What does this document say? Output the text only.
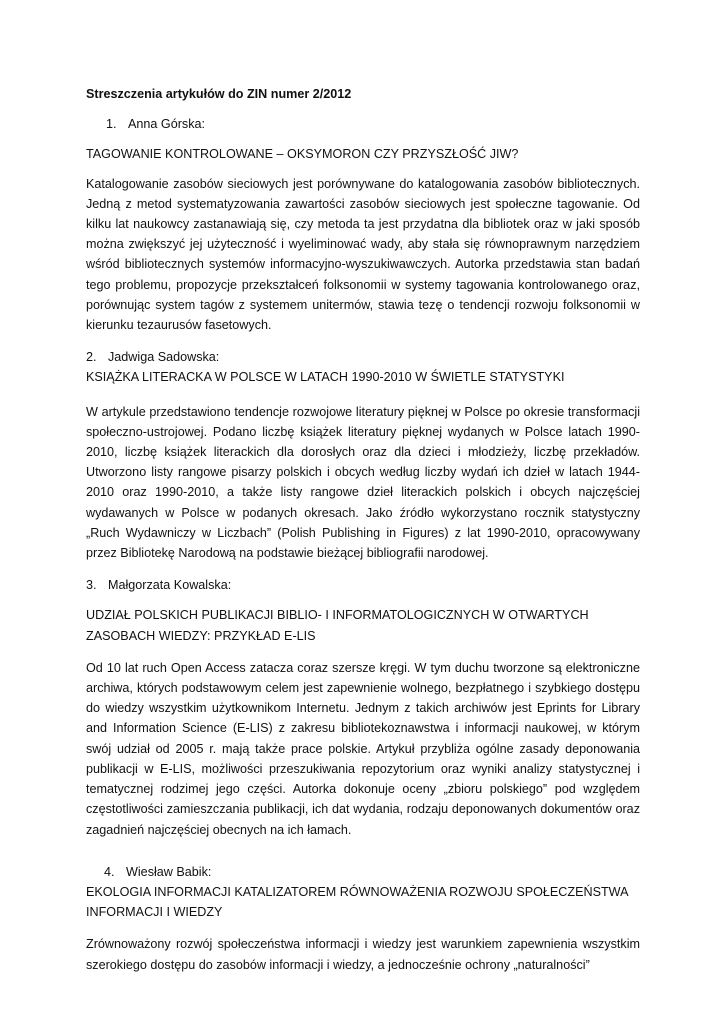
Streszczenia artykułów do ZIN numer 2/2012
1. Anna Górska:
TAGOWANIE KONTROLOWANE – OKSYMORON CZY PRZYSZŁOŚĆ JIW?
Katalogowanie zasobów sieciowych jest porównywane do katalogowania zasobów bibliotecznych. Jedną z metod systematyzowania zawartości zasobów sieciowych jest społeczne tagowanie. Od kilku lat naukowcy zastanawiają się, czy metoda ta jest przydatna dla bibliotek oraz w jaki sposób można zwiększyć jej użyteczność i wyeliminować wady, aby stała się równoprawnym narzędziem wśród bibliotecznych systemów informacyjno-wyszukiwawczych. Autorka przedstawia stan badań tego problemu, propozycje przekształceń folksonomii w systemy tagowania kontrolowanego oraz, porównując system tagów z systemem unitermów, stawia tezę o tendencji rozwoju folksonomii w kierunku tezaurusów fasetowych.
2. Jadwiga Sadowska:
KSIĄŻKA LITERACKA W POLSCE W LATACH 1990-2010 W ŚWIETLE STATYSTYKI
W artykule przedstawiono tendencje rozwojowe literatury pięknej w Polsce po okresie transformacji społeczno-ustrojowej. Podano liczbę książek literatury pięknej wydanych w Polsce latach 1990-2010, liczbę książek literackich dla dorosłych oraz dla dzieci i młodzieży, liczbę przekładów. Utworzono listy rangowe pisarzy polskich i obcych według liczby wydań ich dzieł w latach 1944-2010 oraz 1990-2010, a także listy rangowe dzieł literackich polskich i obcych najczęściej wydawanych w Polsce w podanych okresach. Jako źródło wykorzystano rocznik statystyczny „Ruch Wydawniczy w Liczbach” (Polish Publishing in Figures) z lat 1990-2010, opracowywany przez Bibliotekę Narodową na podstawie bieżącej bibliografii narodowej.
3. Małgorzata Kowalska:
UDZIAŁ POLSKICH PUBLIKACJI BIBLIO- I INFORMATOLOGICZNYCH W OTWARTYCH ZASOBACH WIEDZY: PRZYKŁAD E-LIS
Od 10 lat ruch Open Access zatacza coraz szersze kręgi. W tym duchu tworzone są elektroniczne archiwa, których podstawowym celem jest zapewnienie wolnego, bezpłatnego i szybkiego dostępu do wiedzy wszystkim użytkownikom Internetu. Jednym z takich archiwów jest Eprints for Library and Information Science (E-LIS) z zakresu bibliotekoznawstwa i informacji naukowej, w którym swój udział od 2005 r. mają także prace polskie. Artykuł przybliża ogólne zasady deponowania publikacji w E-LIS, możliwości przeszukiwania repozytorium oraz wyniki analizy statystycznej i tematycznej rodzimej jego części. Autorka dokonuje oceny „zbioru polskiego” pod względem częstotliwości zamieszczania publikacji, ich dat wydania, rodzaju deponowanych dokumentów oraz zagadnień najczęściej obecnych na ich łamach.
4. Wiesław Babik:
EKOLOGIA INFORMACJI KATALIZATOREM RÓWNOWAŻENIA ROZWOJU SPOŁECZEŃSTWA INFORMACJI I WIEDZY
Zrównoważony rozwój społeczeństwa informacji i wiedzy jest warunkiem zapewnienia wszystkim szerokiego dostępu do zasobów informacji i wiedzy, a jednocześnie ochrony „naturalności”
